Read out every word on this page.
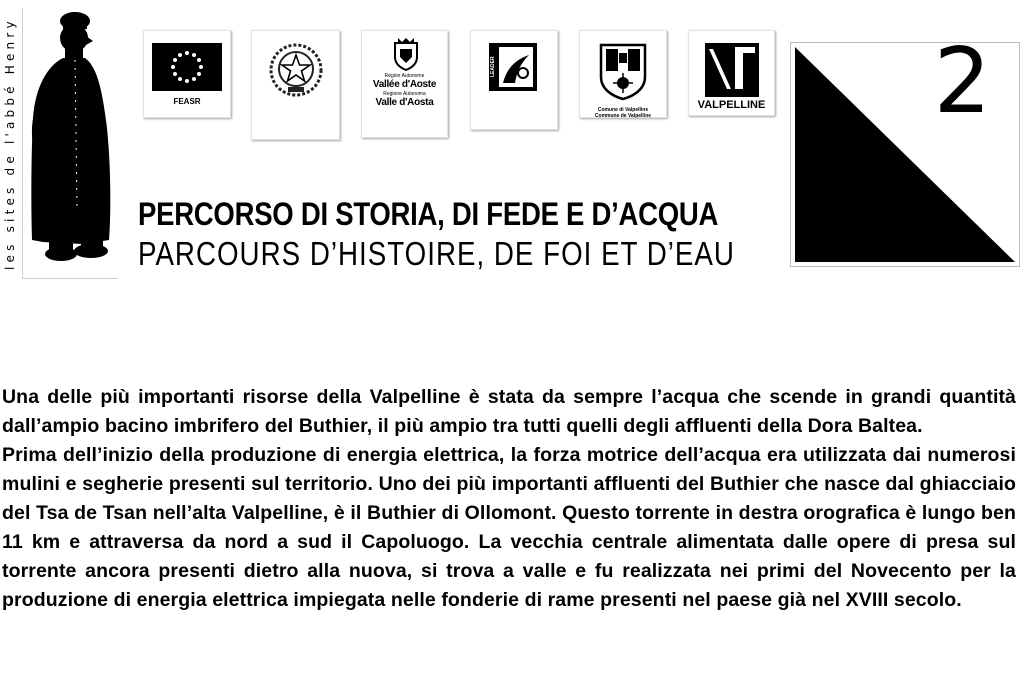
les sites de l'abbé Henry	FEASR
Région Autonome
Vallée d'Aoste
Regione Autonoma
Valle d'Aosta
LEADER
Comune di Valpelline
Commune de Valpelline
VALPELLINE
PERCORSO DI STORIA, DI FEDE E D’ACQUA
PARCOURS D’HISTOIRE, DE FOI ET D’EAU
2

Una delle più importanti risorse della Valpelline è stata da sempre l’acqua che scende in grandi quantità dall’ampio bacino imbrifero del Buthier, il più ampio tra tutti quelli degli affluenti della Dora Baltea.

Prima dell’inizio della produzione di energia elettrica, la forza motrice dell’acqua era utilizzata dai numerosi mulini e segherie presenti sul territorio. Uno dei più importanti affluenti del Buthier che nasce dal ghiacciaio del Tsa de Tsan nell’alta Valpelline, è il Buthier di Ollomont. Questo torrente in destra orografica è lungo ben 11 km e attraversa da nord a sud il Capoluogo. La vecchia centrale alimentata dalle opere di presa sul torrente ancora presenti dietro alla nuova, si trova a valle e fu realizzata nei primi del Novecento per la produzione di energia elettrica impiegata nelle fonderie di rame presenti nel paese già nel XVIII secolo.
